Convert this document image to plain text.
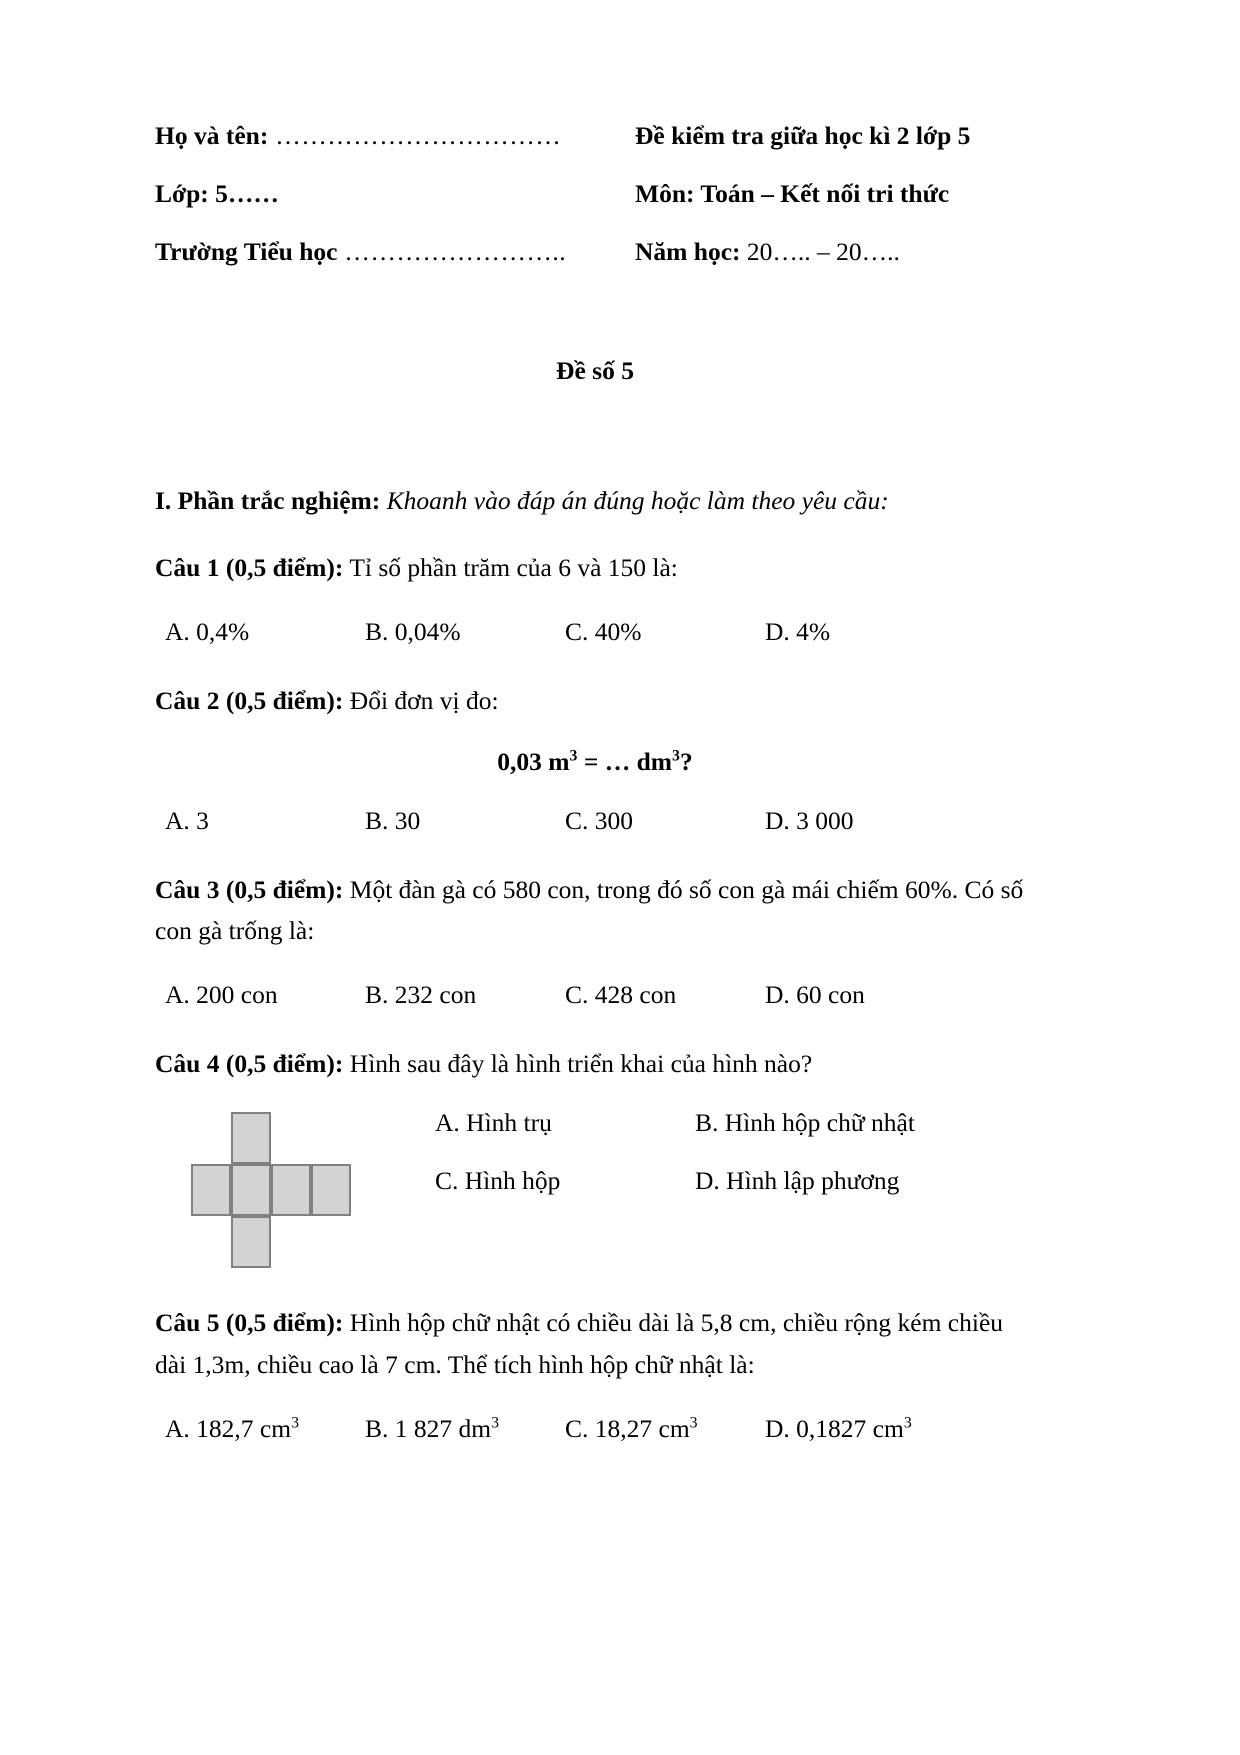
Họ và tên: ……………………………	Đề kiểm tra giữa học kì 2 lớp 5
Lớp: 5……	Môn: Toán – Kết nối tri thức
Trường Tiểu học ……………………..	Năm học: 20….. – 20…..
Đề số 5
I. Phần trắc nghiệm: Khoanh vào đáp án đúng hoặc làm theo yêu cầu:
Câu 1 (0,5 điểm): Tỉ số phần trăm của 6 và 150 là:
A. 0,4%	B. 0,04%	C. 40%	D. 4%
Câu 2 (0,5 điểm): Đổi đơn vị đo:
0,03 $m^3$ = … $dm^3$?
A. 3	B. 30	C. 300	D. 3 000
Câu 3 (0,5 điểm): Một đàn gà có 580 con, trong đó số con gà mái chiếm 60%. Có số con gà trống là:
A. 200 con	B. 232 con	C. 428 con	D. 60 con
Câu 4 (0,5 điểm): Hình sau đây là hình triển khai của hình nào?
A. Hình trụ	B. Hình hộp chữ nhật
C. Hình hộp	D. Hình lập phương
Câu 5 (0,5 điểm): Hình hộp chữ nhật có chiều dài là 5,8 cm, chiều rộng kém chiều dài 1,3m, chiều cao là 7 cm. Thể tích hình hộp chữ nhật là:
A. 182,7 $cm^3$	B. 1 827 $dm^3$	C. 18,27 $cm^3$	D. 0,1827 $cm^3$
